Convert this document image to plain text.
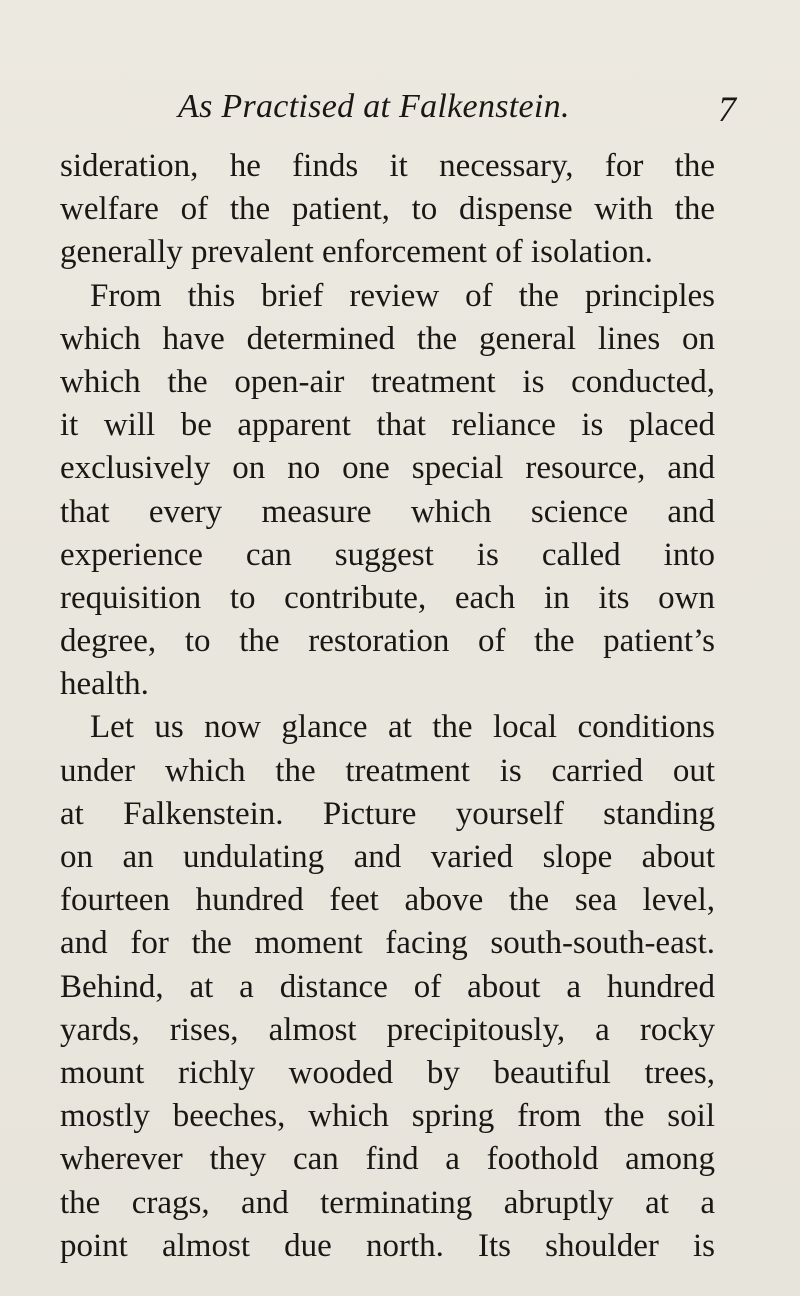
As Practised at Falkenstein.	7
sideration, he finds it necessary, for the
welfare of the patient, to dispense with the
generally prevalent enforcement of isolation.
From this brief review of the principles
which have determined the general lines on
which the open-air treatment is conducted,
it will be apparent that reliance is placed
exclusively on no one special resource, and
that every measure which science and
experience can suggest is called into
requisition to contribute, each in its own
degree, to the restoration of the patient’s
health.
Let us now glance at the local conditions
under which the treatment is carried out
at Falkenstein. Picture yourself standing
on an undulating and varied slope about
fourteen hundred feet above the sea level,
and for the moment facing south-south-east.
Behind, at a distance of about a hundred
yards, rises, almost precipitously, a rocky
mount richly wooded by beautiful trees,
mostly beeches, which spring from the soil
wherever they can find a foothold among
the crags, and terminating abruptly at a
point almost due north. Its shoulder is
